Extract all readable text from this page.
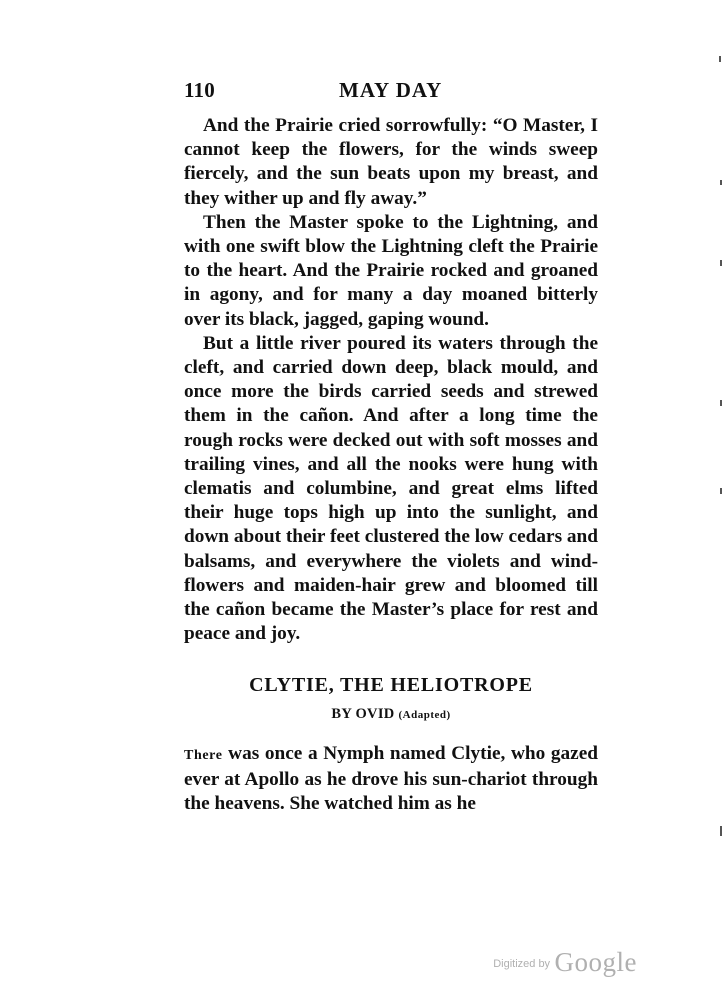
110	MAY DAY

And the Prairie cried sorrowfully: “O Master, I cannot keep the flowers, for the winds sweep fiercely, and the sun beats upon my breast, and they wither up and fly away.”

Then the Master spoke to the Lightning, and with one swift blow the Lightning cleft the Prairie to the heart. And the Prairie rocked and groaned in agony, and for many a day moaned bitterly over its black, jagged, gaping wound.

But a little river poured its waters through the cleft, and carried down deep, black mould, and once more the birds carried seeds and strewed them in the cañon. And after a long time the rough rocks were decked out with soft mosses and trailing vines, and all the nooks were hung with clematis and columbine, and great elms lifted their huge tops high up into the sunlight, and down about their feet clustered the low cedars and balsams, and everywhere the violets and wind-flowers and maiden-hair grew and bloomed till the cañon became the Master’s place for rest and peace and joy.

CLYTIE, THE HELIOTROPE
BY OVID (Adapted)

There was once a Nymph named Clytie, who gazed ever at Apollo as he drove his sun-chariot through the heavens. She watched him as he

$^{Digitized by}$ Google
